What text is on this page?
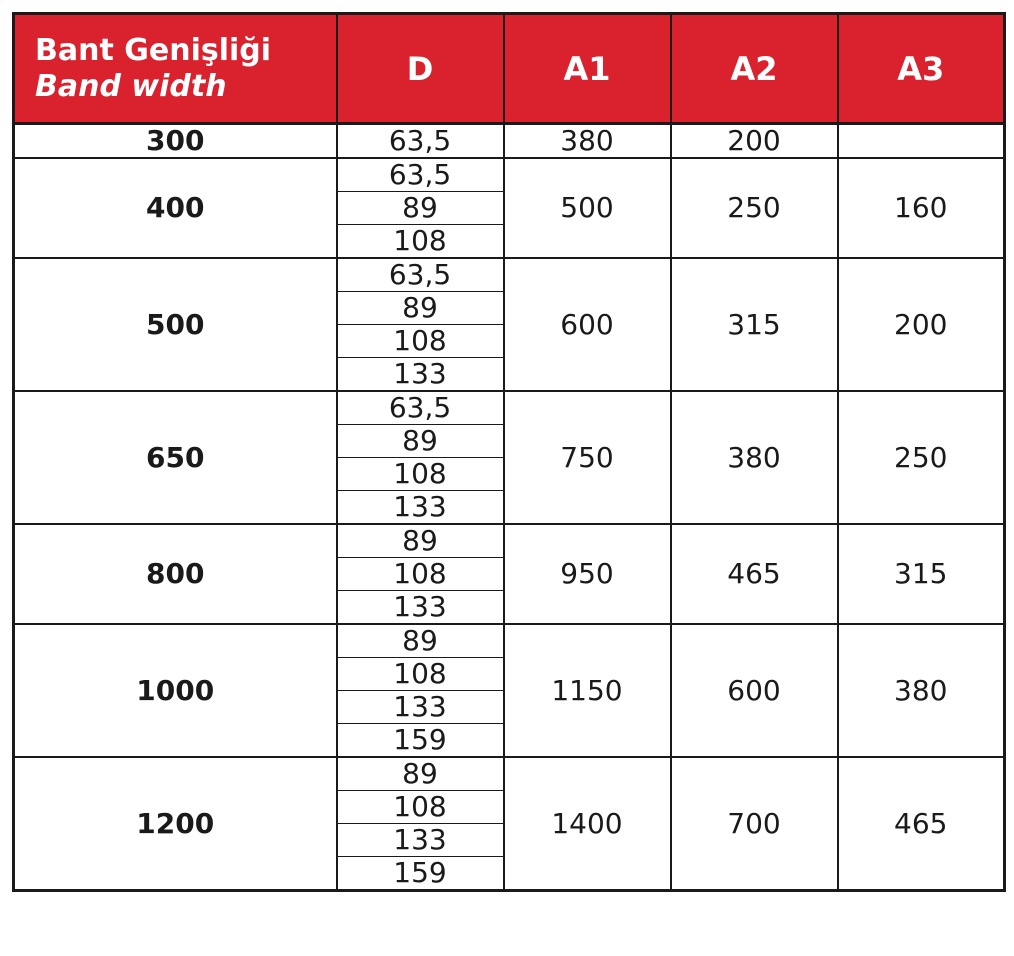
Bant Genişliği
Band width	D	A1	A2	A3
300	63,5	380	200	
400	63,5	500	250	160
	89			
	108			
500	63,5	600	315	200
	89			
	108			
	133			
650	63,5	750	380	250
	89			
	108			
	133			
800	89	950	465	315
	108			
	133			
1000	89	1150	600	380
	108			
	133			
	159			
1200	89	1400	700	465
	108			
	133			
	159			
